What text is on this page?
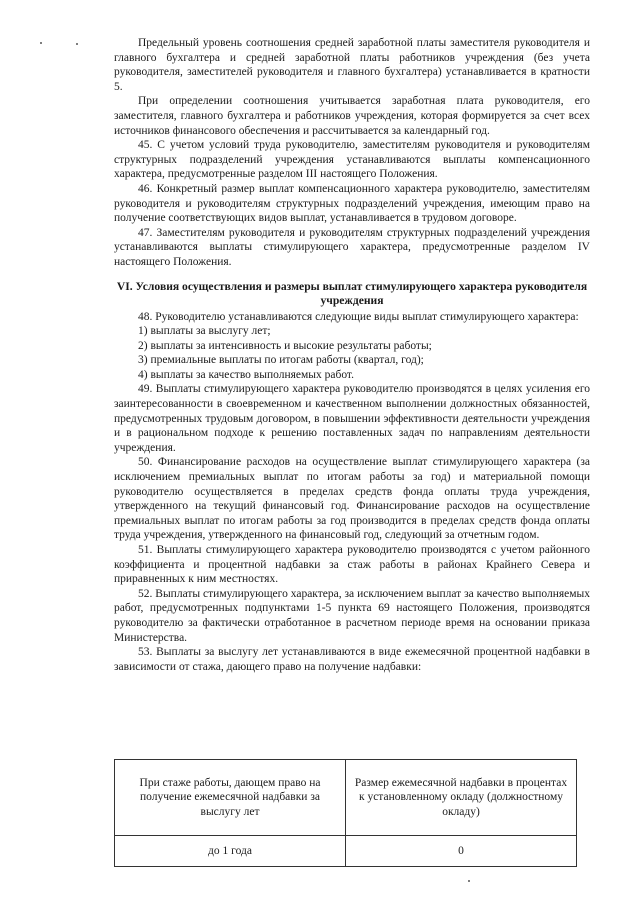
Предельный уровень соотношения средней заработной платы заместителя руководителя и главного бухгалтера и средней заработной платы работников учреждения (без учета руководителя, заместителей руководителя и главного бухгалтера) устанавливается в кратности 5.

При определении соотношения учитывается заработная плата руководителя, его заместителя, главного бухгалтера и работников учреждения, которая формируется за счет всех источников финансового обеспечения и рассчитывается за календарный год.

45. С учетом условий труда руководителю, заместителям руководителя и руководителям структурных подразделений учреждения устанавливаются выплаты компенсационного характера, предусмотренные разделом III настоящего Положения.

46. Конкретный размер выплат компенсационного характера руководителю, заместителям руководителя и руководителям структурных подразделений учреждения, имеющим право на получение соответствующих видов выплат, устанавливается в трудовом договоре.

47. Заместителям руководителя и руководителям структурных подразделений учреждения устанавливаются выплаты стимулирующего характера, предусмотренные разделом IV настоящего Положения.

VI. Условия осуществления и размеры выплат стимулирующего характера руководителя учреждения

48. Руководителю устанавливаются следующие виды выплат стимулирующего характера:

1) выплаты за выслугу лет;

2) выплаты за интенсивность и высокие результаты работы;

3) премиальные выплаты по итогам работы (квартал, год);

4) выплаты за качество выполняемых работ.

49. Выплаты стимулирующего характера руководителю производятся в целях усиления его заинтересованности в своевременном и качественном выполнении должностных обязанностей, предусмотренных трудовым договором, в повышении эффективности деятельности учреждения и в рациональном подходе к решению поставленных задач по направлениям деятельности учреждения.

50. Финансирование расходов на осуществление выплат стимулирующего характера (за исключением премиальных выплат по итогам работы за год) и материальной помощи руководителю осуществляется в пределах средств фонда оплаты труда учреждения, утвержденного на текущий финансовый год. Финансирование расходов на осуществление премиальных выплат по итогам работы за год производится в пределах средств фонда оплаты труда учреждения, утвержденного на финансовый год, следующий за отчетным годом.

51. Выплаты стимулирующего характера руководителю производятся с учетом районного коэффициента и процентной надбавки за стаж работы в районах Крайнего Севера и приравненных к ним местностях.

52. Выплаты стимулирующего характера, за исключением выплат за качество выполняемых работ, предусмотренных подпунктами 1-5 пункта 69 настоящего Положения, производятся руководителю за фактически отработанное в расчетном периоде время на основании приказа Министерства.

53. Выплаты за выслугу лет устанавливаются в виде ежемесячной процентной надбавки в зависимости от стажа, дающего право на получение надбавки:

При стаже работы, дающем право на получение ежемесячной надбавки за выслугу лет	Размер ежемесячной надбавки в процентах к установленному окладу (должностному окладу)
до 1 года	0
